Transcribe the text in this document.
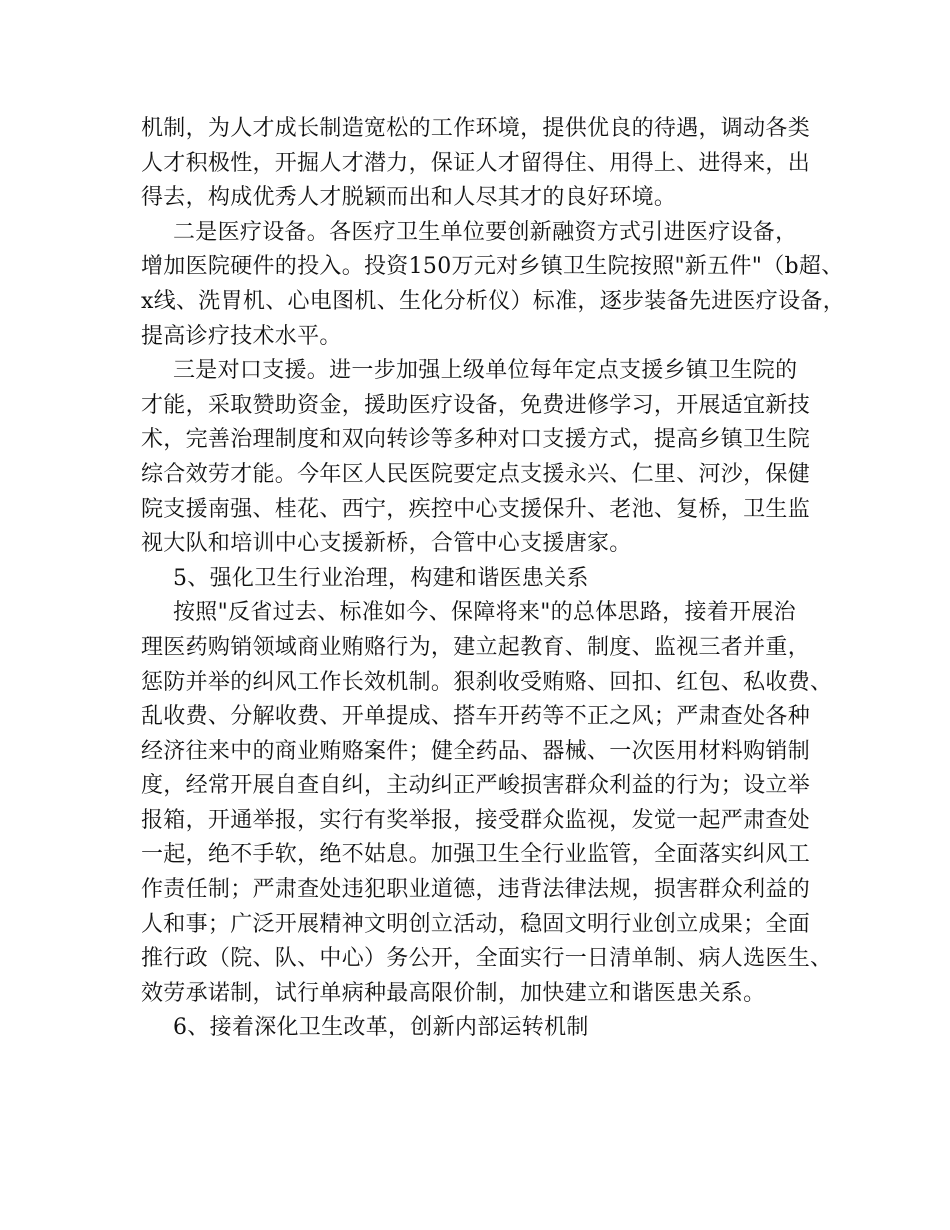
机制，为人才成长制造宽松的工作环境，提供优良的待遇，调动各类
人才积极性，开掘人才潜力，保证人才留得住、用得上、进得来，出
得去，构成优秀人才脱颖而出和人尽其才的良好环境。
二是医疗设备。各医疗卫生单位要创新融资方式引进医疗设备，
增加医院硬件的投入。投资150万元对乡镇卫生院按照"新五件"（b超、
x线、洗胃机、心电图机、生化分析仪）标准，逐步装备先进医疗设备，
提高诊疗技术水平。
三是对口支援。进一步加强上级单位每年定点支援乡镇卫生院的
才能，采取赞助资金，援助医疗设备，免费进修学习，开展适宜新技
术，完善治理制度和双向转诊等多种对口支援方式，提高乡镇卫生院
综合效劳才能。今年区人民医院要定点支援永兴、仁里、河沙，保健
院支援南强、桂花、西宁，疾控中心支援保升、老池、复桥，卫生监
视大队和培训中心支援新桥，合管中心支援唐家。
5、强化卫生行业治理，构建和谐医患关系
按照"反省过去、标准如今、保障将来"的总体思路，接着开展治
理医药购销领域商业贿赂行为，建立起教育、制度、监视三者并重，
惩防并举的纠风工作长效机制。狠刹收受贿赂、回扣、红包、私收费、
乱收费、分解收费、开单提成、搭车开药等不正之风；严肃查处各种
经济往来中的商业贿赂案件；健全药品、器械、一次医用材料购销制
度，经常开展自查自纠，主动纠正严峻损害群众利益的行为；设立举
报箱，开通举报，实行有奖举报，接受群众监视，发觉一起严肃查处
一起，绝不手软，绝不姑息。加强卫生全行业监管，全面落实纠风工
作责任制；严肃查处违犯职业道德，违背法律法规，损害群众利益的
人和事；广泛开展精神文明创立活动，稳固文明行业创立成果；全面
推行政（院、队、中心）务公开，全面实行一日清单制、病人选医生、
效劳承诺制，试行单病种最高限价制，加快建立和谐医患关系。
6、接着深化卫生改革，创新内部运转机制
